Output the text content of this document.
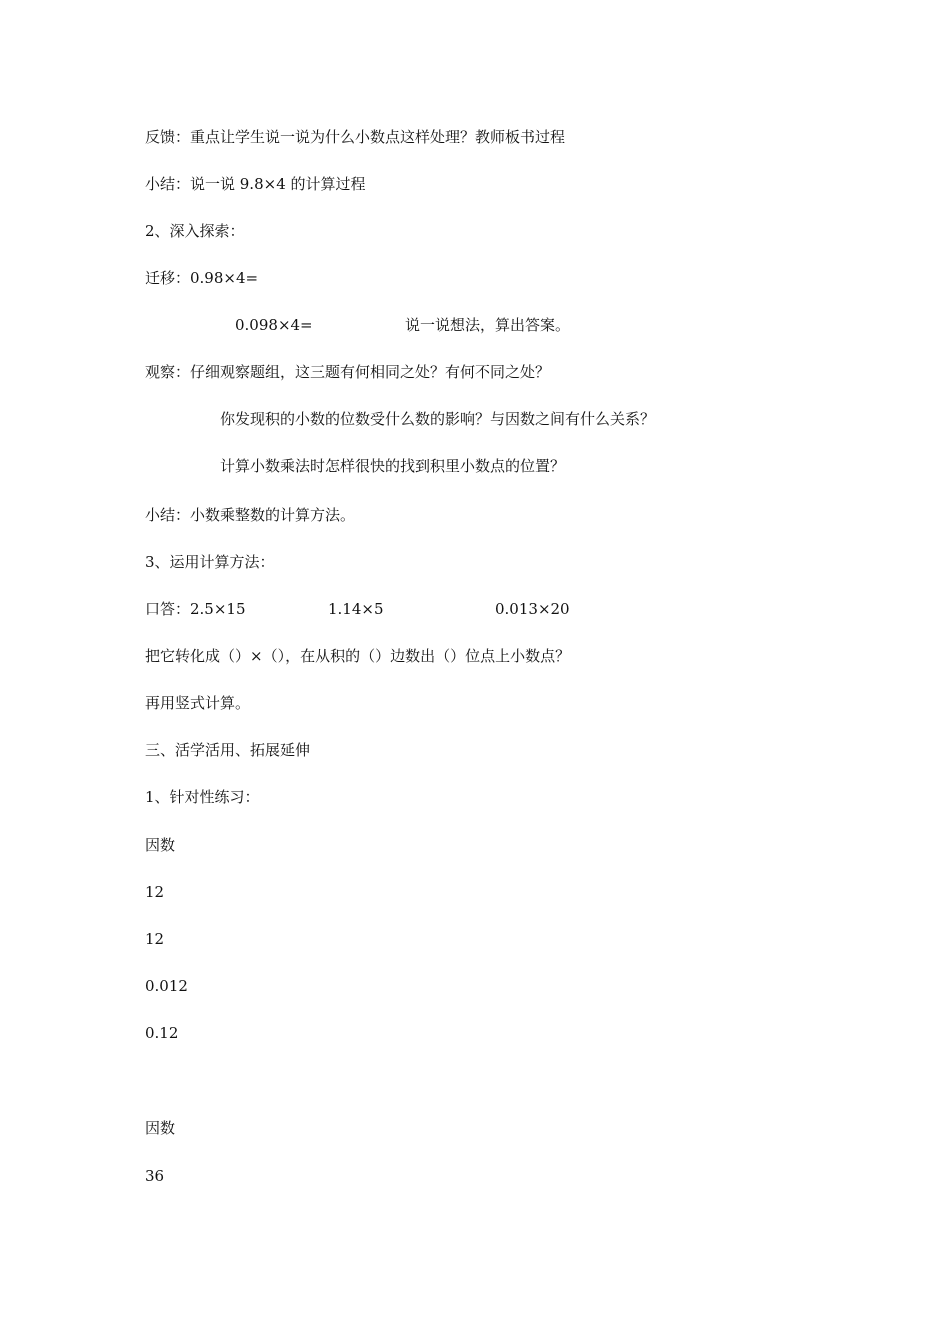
反馈：重点让学生说一说为什么小数点这样处理？教师板书过程
小结：说一说 9.8×4 的计算过程
2、深入探索：
迁移：0.98×4=
0.098×4=	说一说想法，算出答案。
观察：仔细观察题组，这三题有何相同之处？有何不同之处？
你发现积的小数的位数受什么数的影响？与因数之间有什么关系？
计算小数乘法时怎样很快的找到积里小数点的位置？
小结：小数乘整数的计算方法。
3、运用计算方法：
口答：2.5×15	1.14×5	0.013×20
把它转化成（）×（），在从积的（）边数出（）位点上小数点？
再用竖式计算。
三、活学活用、拓展延伸
1、针对性练习：
因数
12
12
0.012
0.12
因数
36
